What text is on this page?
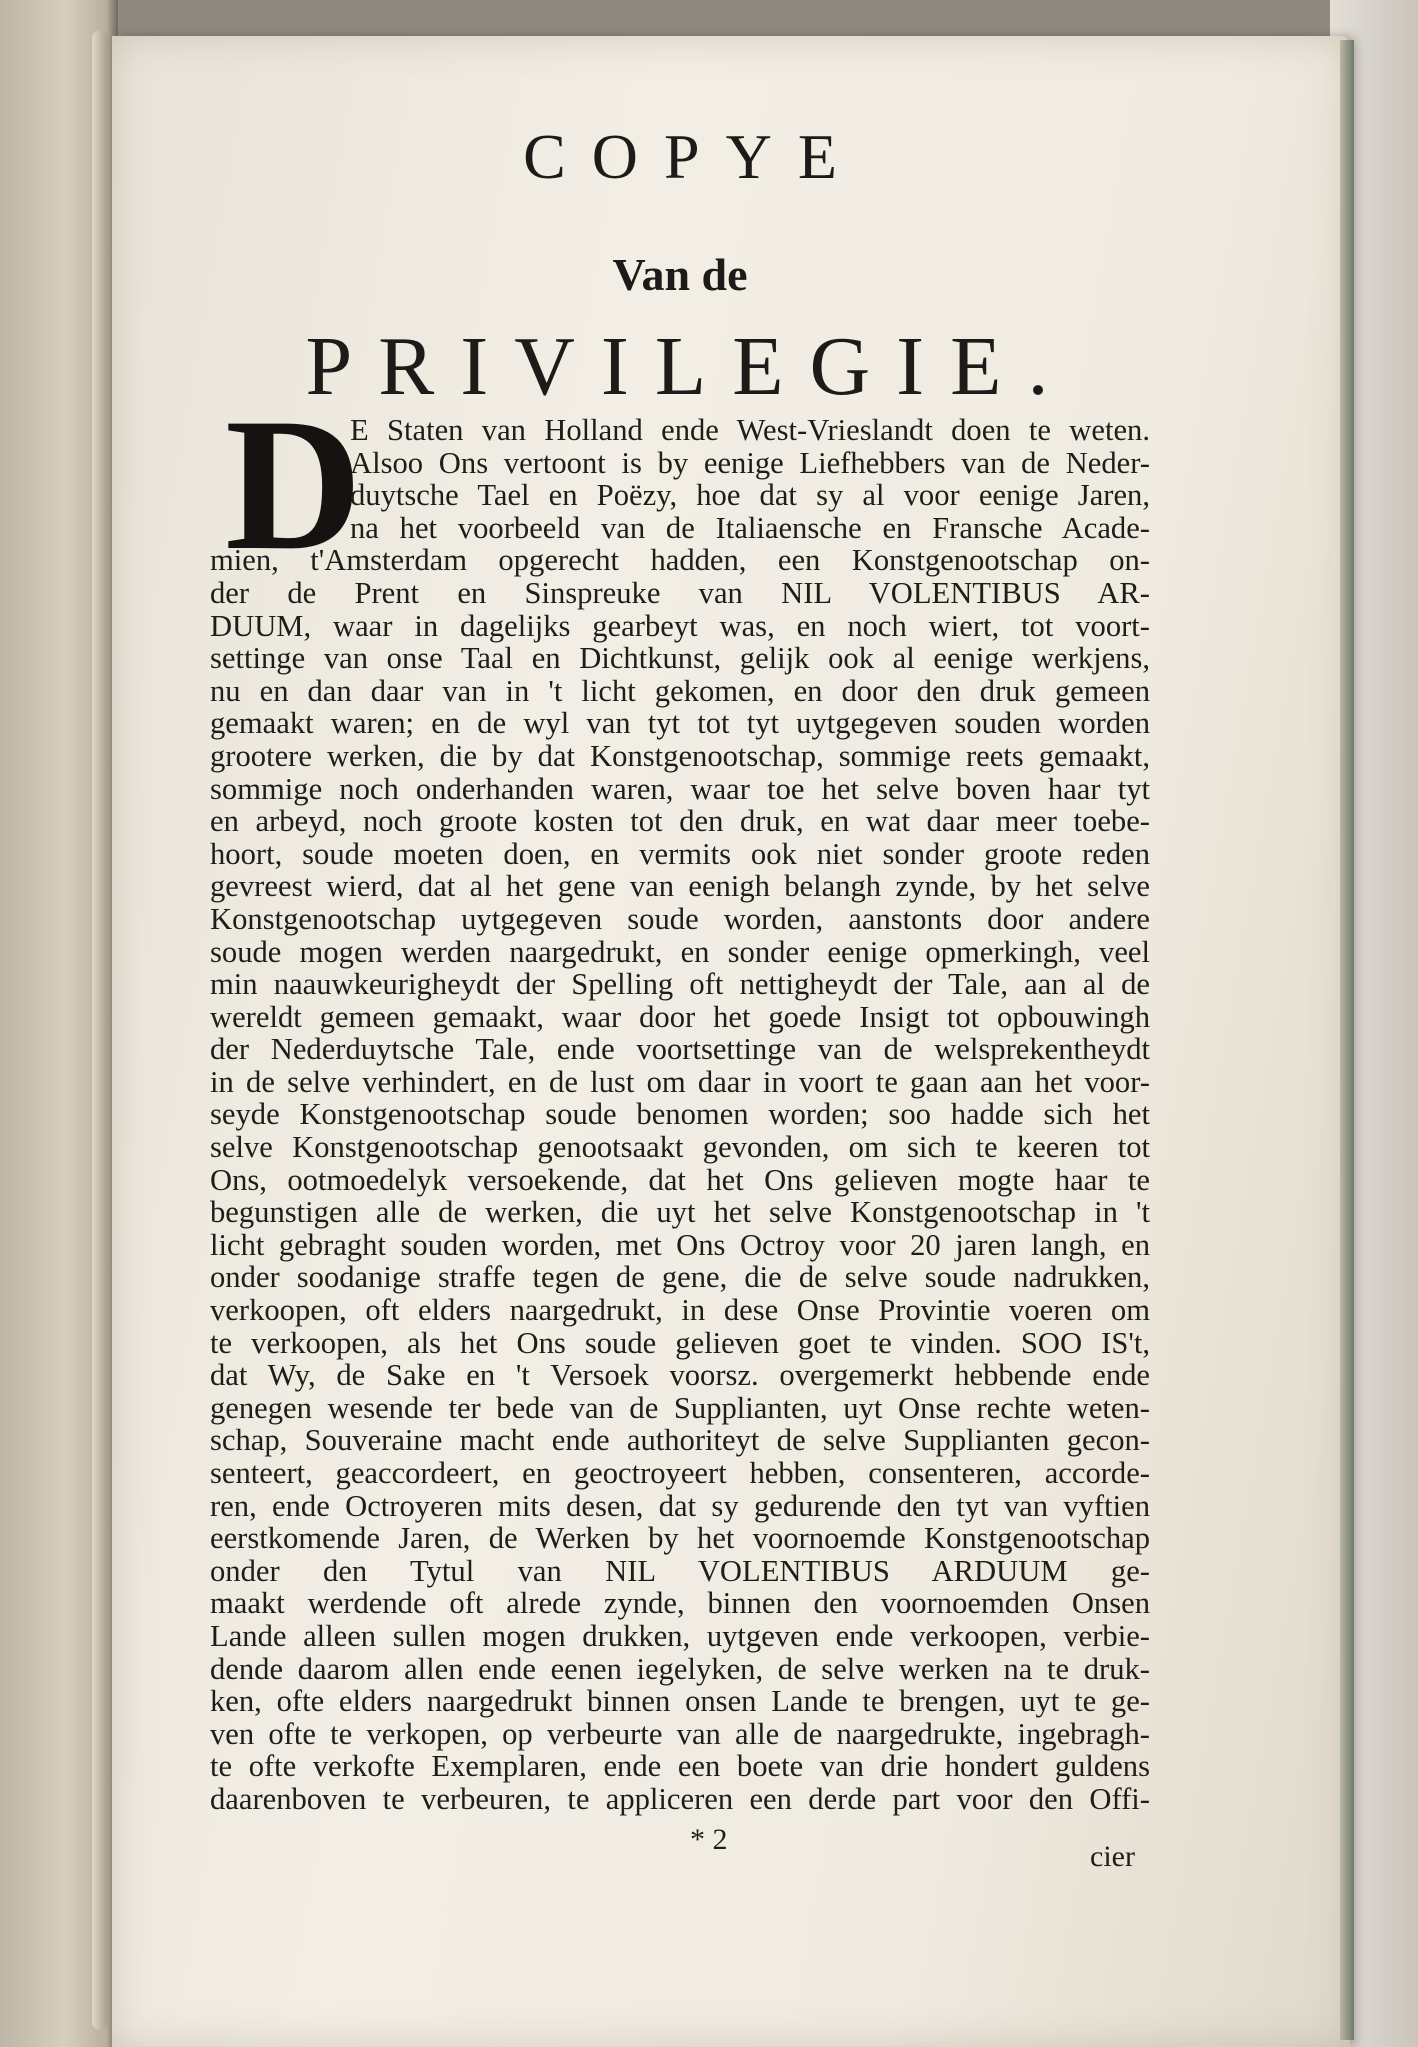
COPYE
Van de
PRIVILEGIE.
D
E Staten van Holland ende West-Vrieslandt doen te weten.
Alsoo Ons vertoont is by eenige Liefhebbers van de Neder-
duytsche Tael en Poëzy, hoe dat sy al voor eenige Jaren,
na het voorbeeld van de Italiaensche en Fransche Acade-
mien, t'Amsterdam opgerecht hadden, een Konstgenootschap on-
der de Prent en Sinspreuke van NIL VOLENTIBUS AR-
DUUM, waar in dagelijks gearbeyt was, en noch wiert, tot voort-
settinge van onse Taal en Dichtkunst, gelijk ook al eenige werkjens,
nu en dan daar van in 't licht gekomen, en door den druk gemeen
gemaakt waren; en de wyl van tyt tot tyt uytgegeven souden worden
grootere werken, die by dat Konstgenootschap, sommige reets gemaakt,
sommige noch onderhanden waren, waar toe het selve boven haar tyt
en arbeyd, noch groote kosten tot den druk, en wat daar meer toebe-
hoort, soude moeten doen, en vermits ook niet sonder groote reden
gevreest wierd, dat al het gene van eenigh belangh zynde, by het selve
Konstgenootschap uytgegeven soude worden, aanstonts door andere
soude mogen werden naargedrukt, en sonder eenige opmerkingh, veel
min naauwkeurigheydt der Spelling oft nettigheydt der Tale, aan al de
wereldt gemeen gemaakt, waar door het goede Insigt tot opbouwingh
der Nederduytsche Tale, ende voortsettinge van de welsprekentheydt
in de selve verhindert, en de lust om daar in voort te gaan aan het voor-
seyde Konstgenootschap soude benomen worden; soo hadde sich het
selve Konstgenootschap genootsaakt gevonden, om sich te keeren tot
Ons, ootmoedelyk versoekende, dat het Ons gelieven mogte haar te
begunstigen alle de werken, die uyt het selve Konstgenootschap in 't
licht gebraght souden worden, met Ons Octroy voor 20 jaren langh, en
onder soodanige straffe tegen de gene, die de selve soude nadrukken,
verkoopen, oft elders naargedrukt, in dese Onse Provintie voeren om
te verkoopen, als het Ons soude gelieven goet te vinden. SOO IS't,
dat Wy, de Sake en 't Versoek voorsz. overgemerkt hebbende ende
genegen wesende ter bede van de Supplianten, uyt Onse rechte weten-
schap, Souveraine macht ende authoriteyt de selve Supplianten gecon-
senteert, geaccordeert, en geoctroyeert hebben, consenteren, accorde-
ren, ende Octroyeren mits desen, dat sy gedurende den tyt van vyftien
eerstkomende Jaren, de Werken by het voornoemde Konstgenootschap
onder den Tytul van NIL VOLENTIBUS ARDUUM ge-
maakt werdende oft alrede zynde, binnen den voornoemden Onsen
Lande alleen sullen mogen drukken, uytgeven ende verkoopen, verbie-
dende daarom allen ende eenen iegelyken, de selve werken na te druk-
ken, ofte elders naargedrukt binnen onsen Lande te brengen, uyt te ge-
ven ofte te verkopen, op verbeurte van alle de naargedrukte, ingebragh-
te ofte verkofte Exemplaren, ende een boete van drie hondert guldens
daarenboven te verbeuren, te appliceren een derde part voor den Offi-
* 2
cier
